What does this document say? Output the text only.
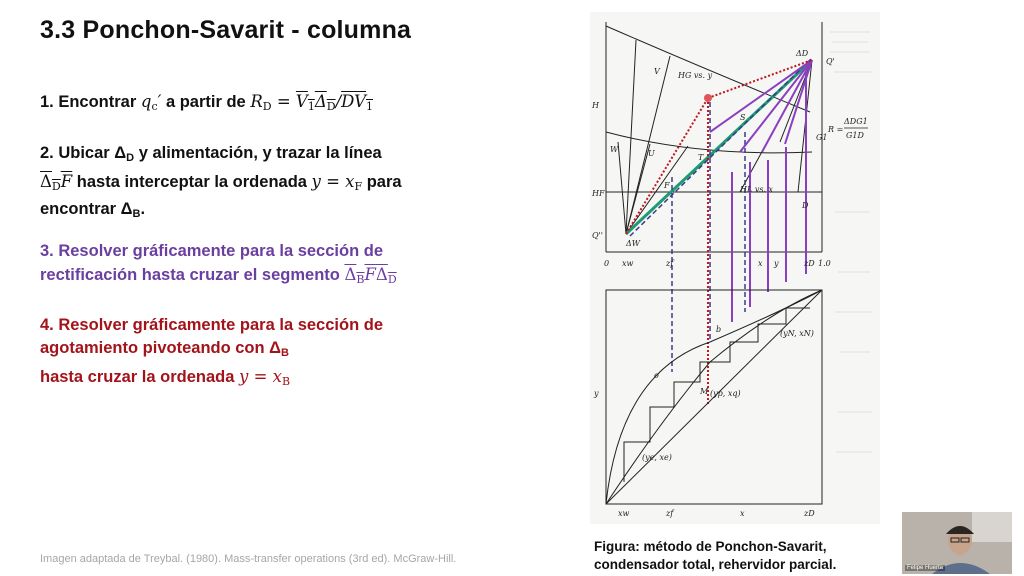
3.3 Ponchon-Savarit - columna
1. Encontrar $q_c'$ a partir de $R_D = V_1\Delta_D/DV_1$
2. Ubicar $\Delta_D$ y alimentación, y trazar la línea
$\Delta_DF$ hasta interceptar la ordenada $y = x_F$ para
encontrar $\Delta_B$.
3. Resolver gráficamente para la sección de
rectificación hasta cruzar el segmento $\Delta_BF\Delta_D$
4. Resolver gráficamente para la sección de
agotamiento pivoteando con $\Delta_B$
hasta cruzar la ordenada $y = x_B$
Imagen adaptada de Treybal. (1980). Mass-transfer operations (3rd ed). McGraw-Hill.
H
HF
Q''
Q'
W	U
V HG vs. y
HL vs. x
ΔD
ΔW
F
T
S
G1
D
R =
ΔDG1
G1D
0 xw	zf	x y	zD 1.0
y
b
o
M (yp, xq)
(yN, xN)
(ye, xe)
xw	zf	x	zD
Figura: método de Ponchon-Savarit,
condensador total, rehervidor parcial.	Felipe Huerta
